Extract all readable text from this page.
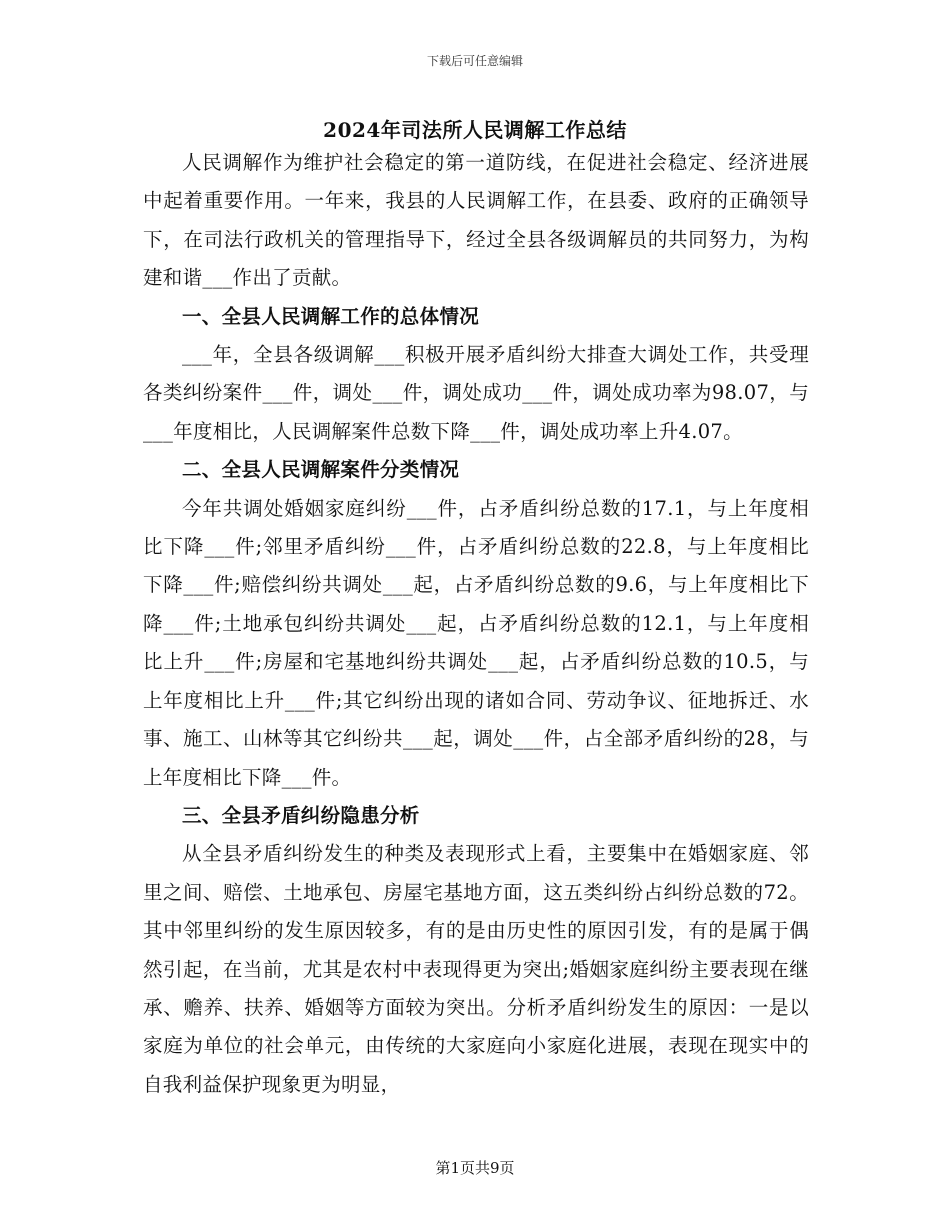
下载后可任意编辑
2024年司法所人民调解工作总结

人民调解作为维护社会稳定的第一道防线，在促进社会稳定、经济进展中起着重要作用。一年来，我县的人民调解工作，在县委、政府的正确领导下，在司法行政机关的管理指导下，经过全县各级调解员的共同努力，为构建和谐___作出了贡献。

一、全县人民调解工作的总体情况

___年，全县各级调解___积极开展矛盾纠纷大排查大调处工作，共受理各类纠纷案件___件，调处___件，调处成功___件，调处成功率为98.07，与___年度相比，人民调解案件总数下降___件，调处成功率上升4.07。

二、全县人民调解案件分类情况

今年共调处婚姻家庭纠纷___件，占矛盾纠纷总数的17.1，与上年度相比下降___件;邻里矛盾纠纷___件，占矛盾纠纷总数的22.8，与上年度相比下降___件;赔偿纠纷共调处___起，占矛盾纠纷总数的9.6，与上年度相比下降___件;土地承包纠纷共调处___起，占矛盾纠纷总数的12.1，与上年度相比上升___件;房屋和宅基地纠纷共调处___起，占矛盾纠纷总数的10.5，与上年度相比上升___件;其它纠纷出现的诸如合同、劳动争议、征地拆迁、水事、施工、山林等其它纠纷共___起，调处___件，占全部矛盾纠纷的28，与上年度相比下降___件。

三、全县矛盾纠纷隐患分析

从全县矛盾纠纷发生的种类及表现形式上看，主要集中在婚姻家庭、邻里之间、赔偿、土地承包、房屋宅基地方面，这五类纠纷占纠纷总数的72。其中邻里纠纷的发生原因较多，有的是由历史性的原因引发，有的是属于偶然引起，在当前，尤其是农村中表现得更为突出;婚姻家庭纠纷主要表现在继承、赡养、扶养、婚姻等方面较为突出。分析矛盾纠纷发生的原因：一是以家庭为单位的社会单元，由传统的大家庭向小家庭化进展，表现在现实中的自我利益保护现象更为明显，

第1页共9页
